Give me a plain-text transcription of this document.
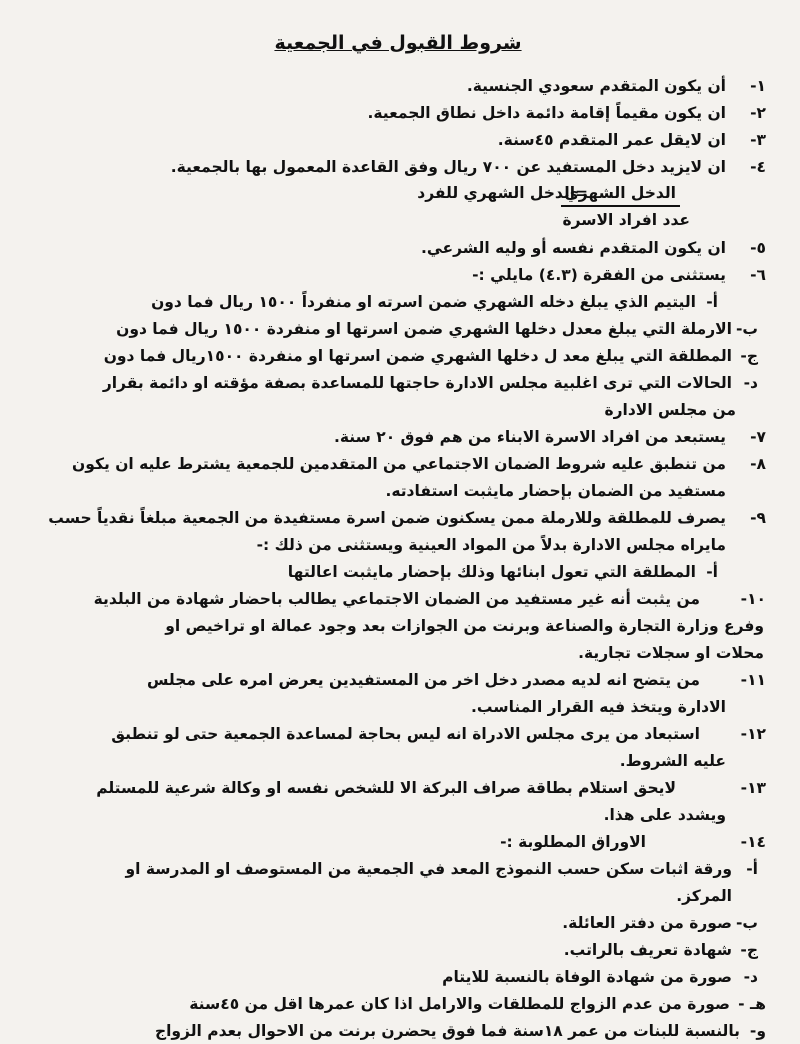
شروط القبول في الجمعية
١-
أن يكون المتقدم سعودي الجنسية.
٢-
ان يكون مقيماً إقامة دائمة داخل نطاق الجمعية.
٣-
ان لايقل عمر المتقدم ٤٥سنة.
٤-
ان لايزيد دخل المستفيد عن ٧٠٠ ريال وفق القاعدة المعمول بها بالجمعية.
الدخل الشهري
=الدخل الشهري للفرد
عدد افراد الاسرة
٥-
ان يكون المتقدم نفسه أو وليه الشرعي.
٦-
يستثنى من الفقرة (٤.٣) مايلي :-
أ-
اليتيم الذي يبلغ دخله الشهري ضمن اسرته او منفرداً ١٥٠٠ ريال فما دون
ب-
الارملة التي يبلغ معدل دخلها الشهري ضمن اسرتها او منفردة ١٥٠٠ ريال فما دون
ج-
المطلقة التي يبلغ معد ل دخلها الشهري ضمن اسرتها او منفردة ١٥٠٠ريال فما دون
د-
الحالات التي ترى اغلبية مجلس الادارة حاجتها للمساعدة بصفة مؤقته او دائمة بقرار
من مجلس الادارة
٧-
يستبعد من افراد الاسرة الابناء من هم فوق ٢٠ سنة.
٨-
من تنطبق عليه شروط الضمان الاجتماعي من المتقدمين للجمعية يشترط عليه ان يكون
مستفيد من الضمان بإحضار مايثبت استفادته.
٩-
يصرف للمطلقة وللارملة ممن يسكنون ضمن اسرة مستفيدة من الجمعية مبلغاً نقدياً حسب
مايراه مجلس الادارة بدلاً من المواد العينية ويستثنى من ذلك :-
أ-
المطلقة التي تعول ابنائها وذلك بإحضار مايثبت اعالتها
١٠-
من يثبت أنه غير مستفيد من الضمان الاجتماعي يطالب باحضار شهادة من البلدية
وفرع وزارة التجارة والصناعة وبرنت من الجوازات بعد وجود عمالة او تراخيص او
محلات او سجلات تجارية.
١١-
من يتضح انه لديه مصدر دخل اخر من المستفيدين يعرض امره على مجلس
الادارة ويتخذ فيه القرار المناسب.
١٢-
استبعاد من يرى مجلس الادراة انه ليس بحاجة لمساعدة الجمعية حتى لو تنطبق
عليه الشروط.
١٣-
لايحق استلام بطاقة صراف البركة الا للشخص نفسه او وكالة شرعية للمستلم
ويشدد على هذا.
١٤-
الاوراق المطلوبة :-
أ-
ورقة اثبات سكن حسب النموذج المعد في الجمعية من المستوصف او المدرسة او
المركز.
ب-
صورة من دفتر العائلة.
ج-
شهادة تعريف بالراتب.
د-
صورة من شهادة الوفاة بالنسبة للايتام
هـ -
صورة من عدم الزواج للمطلقات والارامل اذا كان عمرها اقل من ٤٥سنة
و-
بالنسبة للبنات من عمر ١٨سنة فما فوق يحضرن برنت من الاحوال بعدم الزواج
